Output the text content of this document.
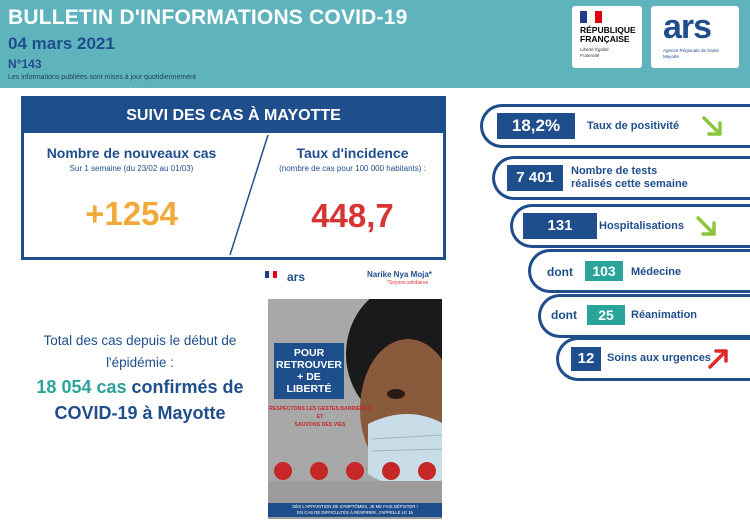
BULLETIN D'INFORMATIONS COVID-19
04 mars 2021
N°143
Les informations publiées sont mises à jour quotidiennement
RÉPUBLIQUE
FRANÇAISE
Liberté Égalité Fraternité
ars
Agence Régionale de Santé Mayotte
SUIVI DES CAS À MAYOTTE
Nombre de nouveaux cas
Sur 1 semaine (du 23/02 au 01/03)
+1254
Taux d'incidence
(nombre de cas pour 100 000 habitants) :
448,7
Total des cas depuis le début de
l'épidémie :
18 054 cas confirmés de
COVID-19 à Mayotte
ars	Narike Nya Moja*
*Soyons solidaires
POUR
RETROUVER
+ DE LIBERTÉ
RESPECTONS LES GESTES BARRIÈRES
ET
SAUVONS DES VIES
DÈS L'APPARITION DE SYMPTÔMES, JE ME FAIS DÉPISTER !
EN CAS DE DIFFICULTÉS À RESPIRER, J'APPELLE LE 15
18,2%	Taux de positivité
7 401	Nombre de tests
réalisés cette semaine
131	Hospitalisations
dont	103	Médecine
dont	25	Réanimation
12	Soins aux urgences
